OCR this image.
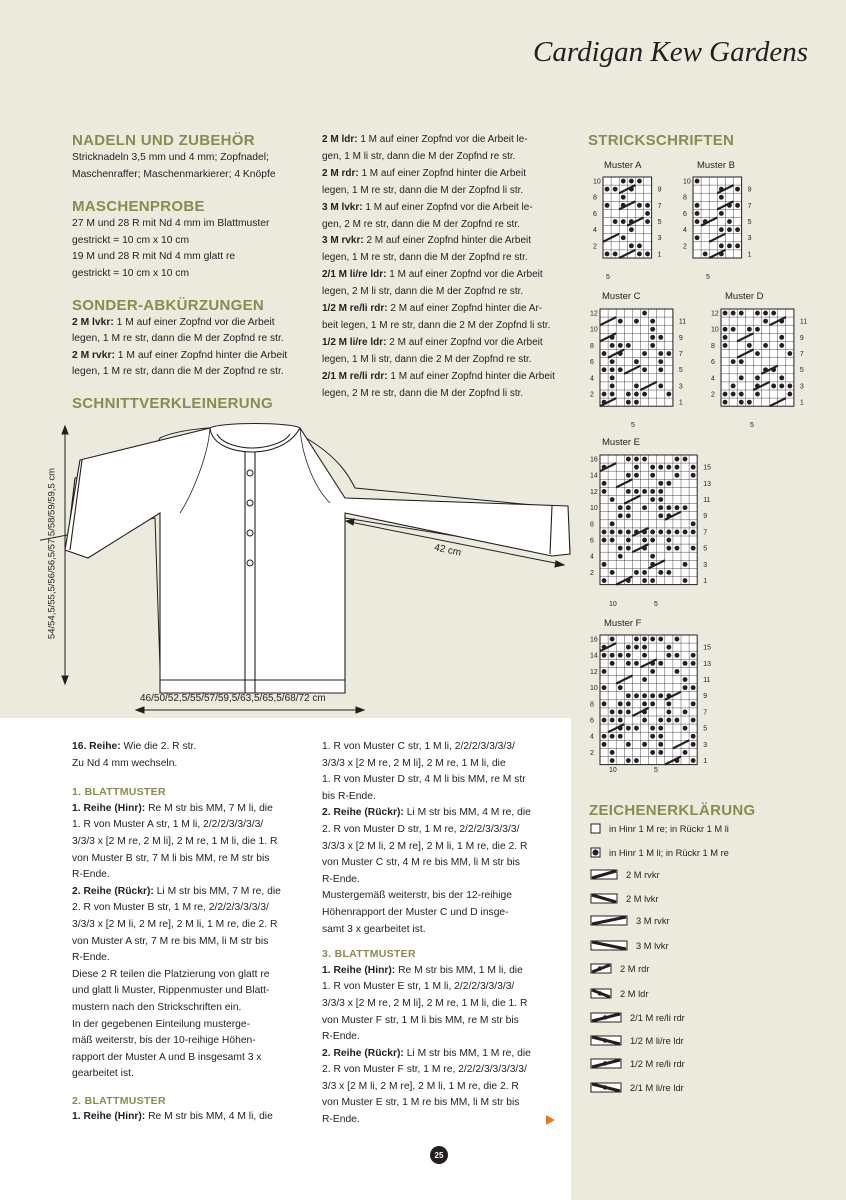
Cardigan Kew Gardens
NADELN UND ZUBEHÖR
Stricknadeln 3,5 mm und 4 mm; Zopfnadel;
Maschenraffer; Maschenmarkierer; 4 Knöpfe
MASCHENPROBE
27 M und 28 R mit Nd 4 mm im Blattmuster
gestrickt = 10 cm x 10 cm
19 M und 28 R mit Nd 4 mm glatt re
gestrickt = 10 cm x 10 cm
SONDER-ABKÜRZUNGEN
2 M lvkr: 1 M auf einer Zopfnd vor die Arbeit
legen, 1 M re str, dann die M der Zopfnd re str.
2 M rvkr: 1 M auf einer Zopfnd hinter die Arbeit
legen, 1 M re str, dann die M der Zopfnd re str.
SCHNITTVERKLEINERUNG
2 M ldr: 1 M auf einer Zopfnd vor die Arbeit le-
gen, 1 M li str, dann die M der Zopfnd re str.
2 M rdr: 1 M auf einer Zopfnd hinter die Arbeit
legen, 1 M re str, dann die M der Zopfnd li str.
3 M lvkr: 1 M auf einer Zopfnd vor die Arbeit le-
gen, 2 M re str, dann die M der Zopfnd re str.
3 M rvkr: 2 M auf einer Zopfnd hinter die Arbeit
legen, 1 M re str, dann die M der Zopfnd re str.
2/1 M li/re ldr: 1 M auf einer Zopfnd vor die Arbeit
legen, 2 M li str, dann die M der Zopfnd re str.
1/2 M re/li rdr: 2 M auf einer Zopfnd hinter die Ar-
beit legen, 1 M re str, dann die 2 M der Zopfnd li str.
1/2 M li/re ldr: 2 M auf einer Zopfnd vor die Arbeit
legen, 1 M li str, dann die 2 M der Zopfnd re str.
2/1 M re/li rdr: 1 M auf einer Zopfnd hinter die Arbeit
legen, 2 M re str, dann die M der Zopfnd li str.
54/54,5/55,5/56/56,5/57,5/58/59/59,5 cm
46/50/52,5/55/57/59,5/63,5/65,5/68/72 cm
42 cm
STRICKSCHRIFTEN
Muster A	Muster B
Muster C	Muster D
Muster E
Muster F
2
4
6
8
10
1
3
5
7
9
5
2
4
6
8
10
1
3
5
7
9
5
2
4
6
8
10
12
1
3
5
7
9
11
5
2
4
6
8
10
12
1
3
5
7
9
11
5
2
4
6
8
10
12
14
16
1
3
5
7
9
11
13
15
10	5
2
4
6
8
10
12
14
16
1
3
5
7
9
11
13
15
10	5
ZEICHENERKLÄRUNG
in Hinr 1 M re; in Rückr 1 M li
in Hinr 1 M li; in Rückr 1 M re
2 M rvkr
2 M lvkr
3 M rvkr
3 M lvkr
2 M rdr
2 M ldr
2/1 M re/li rdr
1/2 M li/re ldr
1/2 M re/li rdr
2/1 M li/re ldr
16. Reihe: Wie die 2. R str.
Zu Nd 4 mm wechseln.
1. BLATTMUSTER
1. Reihe (Hinr): Re M str bis MM, 7 M li, die
1. R von Muster A str, 1 M li, 2/2/2/3/3/3/3/
3/3/3 x [2 M re, 2 M li], 2 M re, 1 M li, die 1. R
von Muster B str, 7 M li bis MM, re M str bis
R-Ende.
2. Reihe (Rückr): Li M str bis MM, 7 M re, die
2. R von Muster B str, 1 M re, 2/2/2/3/3/3/3/
3/3/3 x [2 M li, 2 M re], 2 M li, 1 M re, die 2. R
von Muster A str, 7 M re bis MM, li M str bis
R-Ende.
Diese 2 R teilen die Platzierung von glatt re
und glatt li Muster, Rippenmuster und Blatt-
mustern nach den Strickschriften ein.
In der gegebenen Einteilung musterge-
mäß weiterstr, bis der 10-reihige Höhen-
rapport der Muster A und B insgesamt 3 x
gearbeitet ist.
2. BLATTMUSTER
1. Reihe (Hinr): Re M str bis MM, 4 M li, die
1. R von Muster C str, 1 M li, 2/2/2/3/3/3/3/
3/3/3 x [2 M re, 2 M li], 2 M re, 1 M li, die
1. R von Muster D str, 4 M li bis MM, re M str
bis R-Ende.
2. Reihe (Rückr): Li M str bis MM, 4 M re, die
2. R von Muster D str, 1 M re, 2/2/2/3/3/3/3/
3/3/3 x [2 M li, 2 M re], 2 M li, 1 M re, die 2. R
von Muster C str, 4 M re bis MM, li M str bis
R-Ende.
Mustergemäß weiterstr, bis der 12-reihige
Höhenrapport der Muster C und D insge-
samt 3 x gearbeitet ist.
3. BLATTMUSTER
1. Reihe (Hinr): Re M str bis MM, 1 M li, die
1. R von Muster E str, 1 M li, 2/2/2/3/3/3/3/
3/3/3 x [2 M re, 2 M li], 2 M re, 1 M li, die 1. R
von Muster F str, 1 M li bis MM, re M str bis
R-Ende.
2. Reihe (Rückr): Li M str bis MM, 1 M re, die
2. R von Muster F str, 1 M re, 2/2/2/3/3/3/3/3/
3/3 x [2 M li, 2 M re], 2 M li, 1 M re, die 2. R
von Muster E str, 1 M re bis MM, li M str bis
R-Ende.
25
